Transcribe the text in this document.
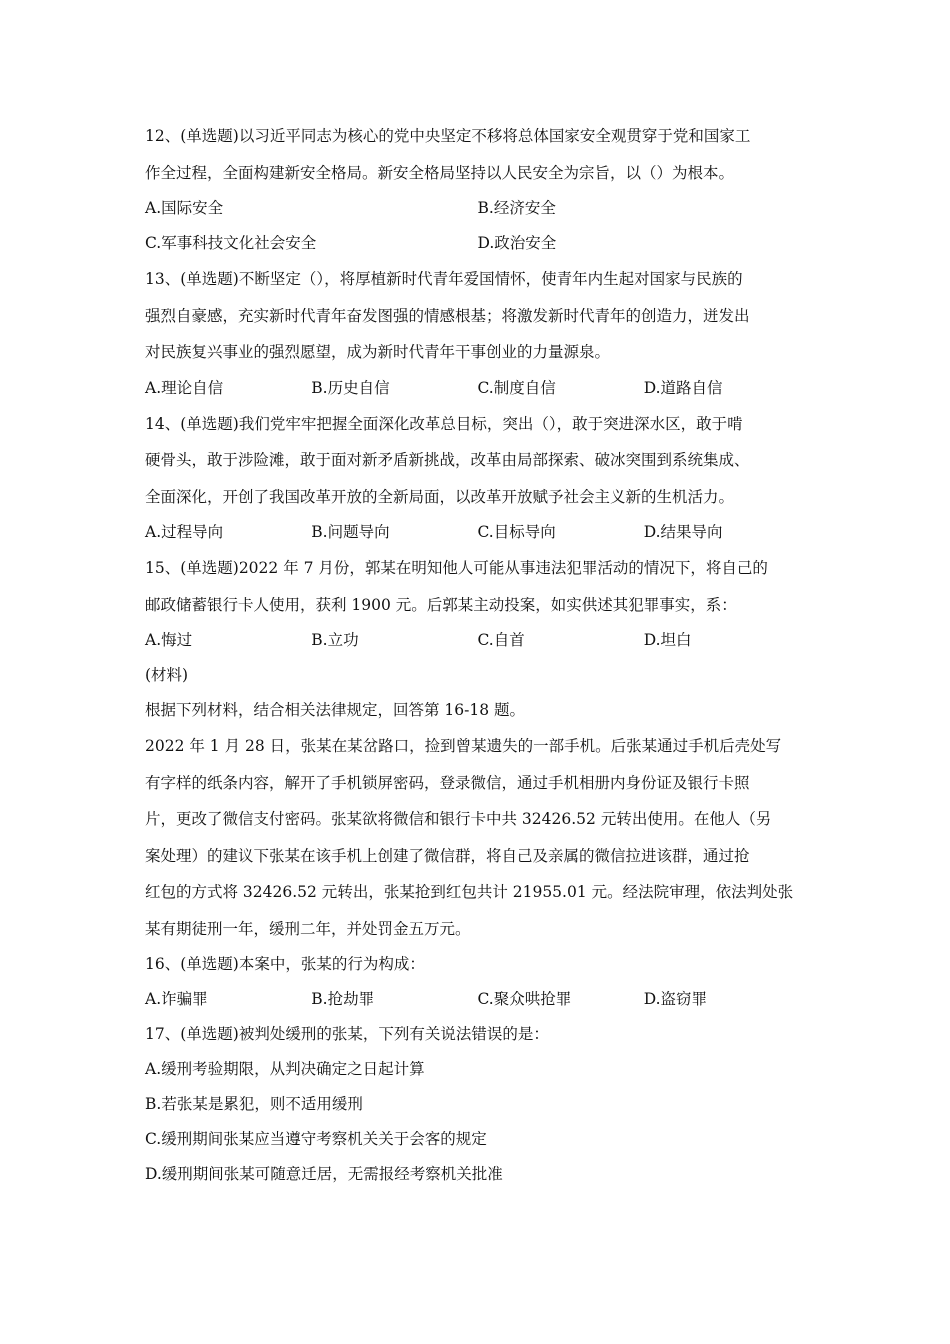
12、(单选题)以习近平同志为核心的党中央坚定不移将总体国家安全观贯穿于党和国家工
作全过程，全面构建新安全格局。新安全格局坚持以人民安全为宗旨，以（）为根本。
A.国际安全	B.经济安全
C.军事科技文化社会安全	D.政治安全
13、(单选题)不断坚定（），将厚植新时代青年爱国情怀，使青年内生起对国家与民族的
强烈自豪感，充实新时代青年奋发图强的情感根基；将激发新时代青年的创造力，迸发出
对民族复兴事业的强烈愿望，成为新时代青年干事创业的力量源泉。
A.理论自信	B.历史自信	C.制度自信	D.道路自信
14、(单选题)我们党牢牢把握全面深化改革总目标，突出（），敢于突进深水区，敢于啃
硬骨头，敢于涉险滩，敢于面对新矛盾新挑战，改革由局部探索、破冰突围到系统集成、
全面深化，开创了我国改革开放的全新局面，以改革开放赋予社会主义新的生机活力。
A.过程导向	B.问题导向	C.目标导向	D.结果导向
15、(单选题)2022 年 7 月份，郭某在明知他人可能从事违法犯罪活动的情况下，将自己的
邮政储蓄银行卡人使用，获利 1900 元。后郭某主动投案，如实供述其犯罪事实，系：
A.悔过	B.立功	C.自首	D.坦白
(材料)
根据下列材料，结合相关法律规定，回答第 16-18 题。
2022 年 1 月 28 日，张某在某岔路口，捡到曾某遗失的一部手机。后张某通过手机后壳处写
有字样的纸条内容，解开了手机锁屏密码，登录微信，通过手机相册内身份证及银行卡照
片，更改了微信支付密码。张某欲将微信和银行卡中共 32426.52 元转出使用。在他人（另
案处理）的建议下张某在该手机上创建了微信群，将自己及亲属的微信拉进该群，通过抢
红包的方式将 32426.52 元转出，张某抢到红包共计 21955.01 元。经法院审理，依法判处张
某有期徒刑一年，缓刑二年，并处罚金五万元。
16、(单选题)本案中，张某的行为构成：
A.诈骗罪	B.抢劫罪	C.聚众哄抢罪	D.盗窃罪
17、(单选题)被判处缓刑的张某，下列有关说法错误的是：
A.缓刑考验期限，从判决确定之日起计算
B.若张某是累犯，则不适用缓刑
C.缓刑期间张某应当遵守考察机关关于会客的规定
D.缓刑期间张某可随意迁居，无需报经考察机关批准
